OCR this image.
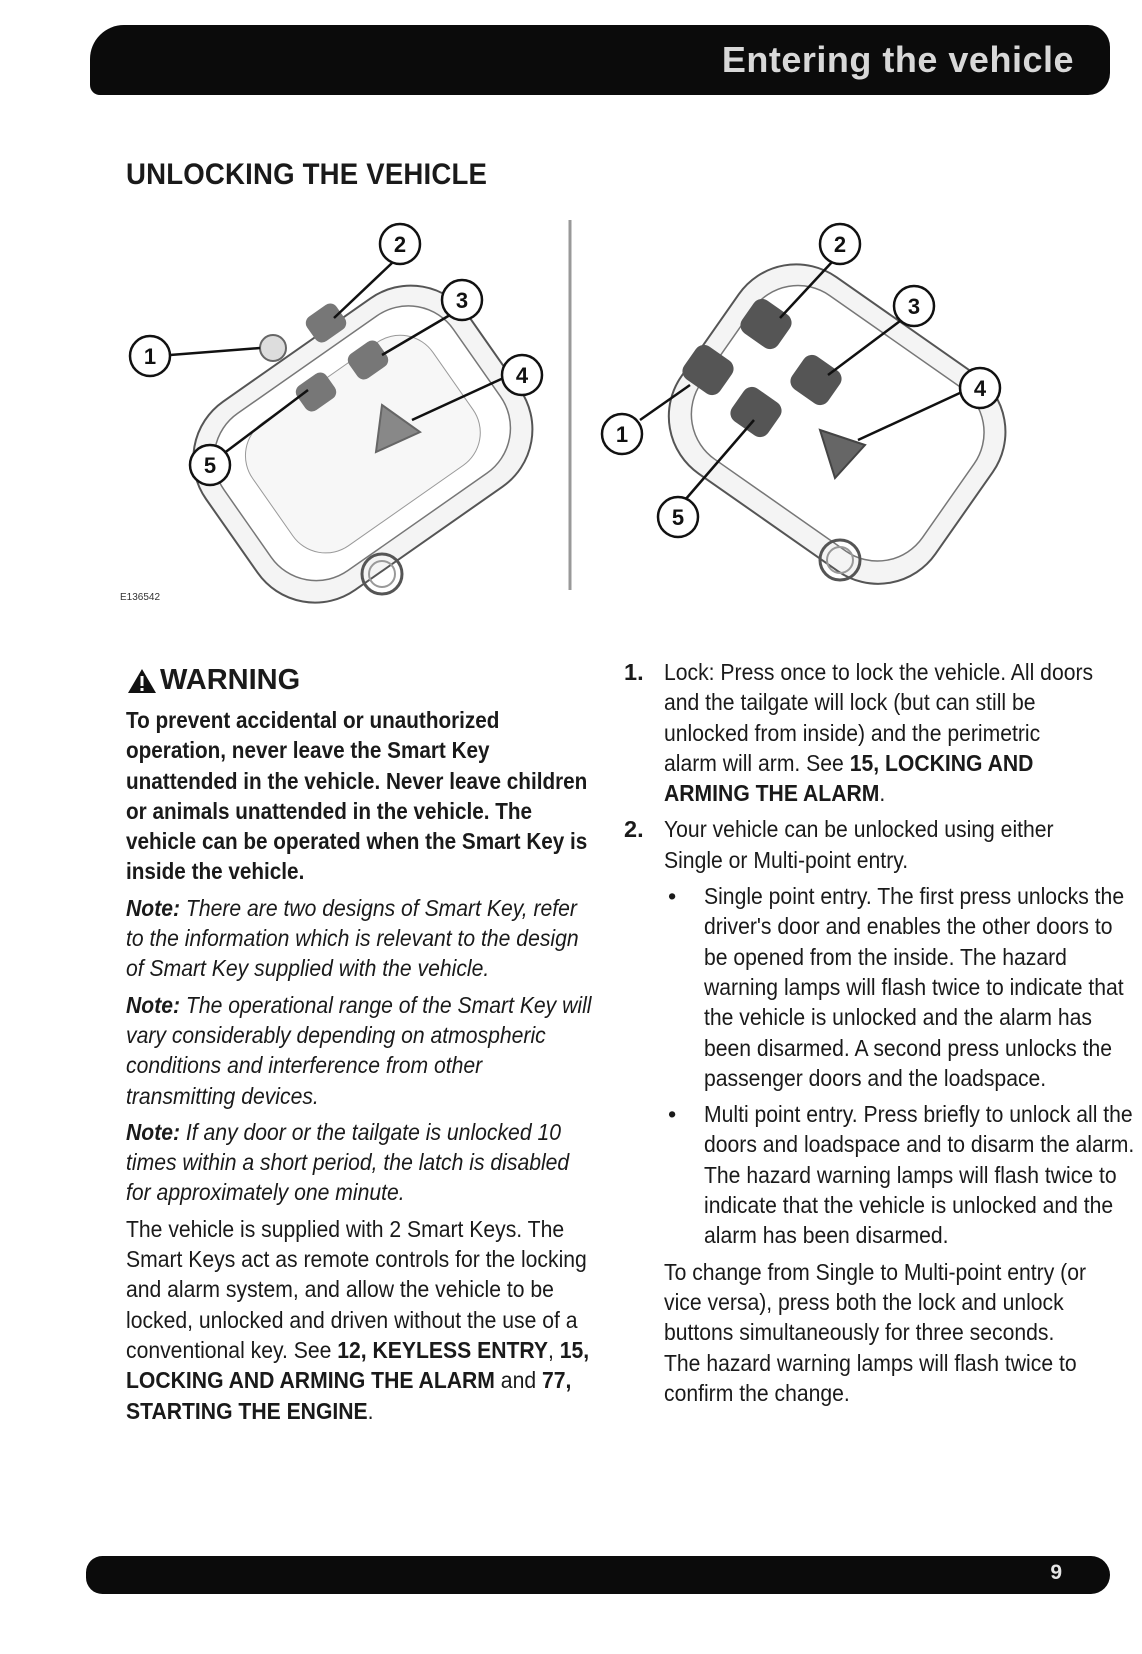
Entering the vehicle
UNLOCKING THE VEHICLE
1
2
3
4
5
E136542
1
2
3
4
5
WARNING
To prevent accidental or unauthorized operation, never leave the Smart Key unattended in the vehicle. Never leave children or animals unattended in the vehicle. The vehicle can be operated when the Smart Key is inside the vehicle.
Note: There are two designs of Smart Key, refer to the information which is relevant to the design of Smart Key supplied with the vehicle.
Note: The operational range of the Smart Key will vary considerably depending on atmospheric conditions and interference from other transmitting devices.
Note: If any door or the tailgate is unlocked 10 times within a short period, the latch is disabled for approximately one minute.
The vehicle is supplied with 2 Smart Keys. The Smart Keys act as remote controls for the locking and alarm system, and allow the vehicle to be locked, unlocked and driven without the use of a conventional key. See 12, KEYLESS ENTRY, 15, LOCKING AND ARMING THE ALARM and 77, STARTING THE ENGINE.
1. Lock: Press once to lock the vehicle. All doors and the tailgate will lock (but can still be unlocked from inside) and the perimetric alarm will arm. See 15, LOCKING AND ARMING THE ALARM.
2. Your vehicle can be unlocked using either Single or Multi-point entry.
• Single point entry. The first press unlocks the driver's door and enables the other doors to be opened from the inside. The hazard warning lamps will flash twice to indicate that the vehicle is unlocked and the alarm has been disarmed. A second press unlocks the passenger doors and the loadspace.
• Multi point entry. Press briefly to unlock all the doors and loadspace and to disarm the alarm. The hazard warning lamps will flash twice to indicate that the vehicle is unlocked and the alarm has been disarmed.
To change from Single to Multi-point entry (or vice versa), press both the lock and unlock buttons simultaneously for three seconds. The hazard warning lamps will flash twice to confirm the change.
9
